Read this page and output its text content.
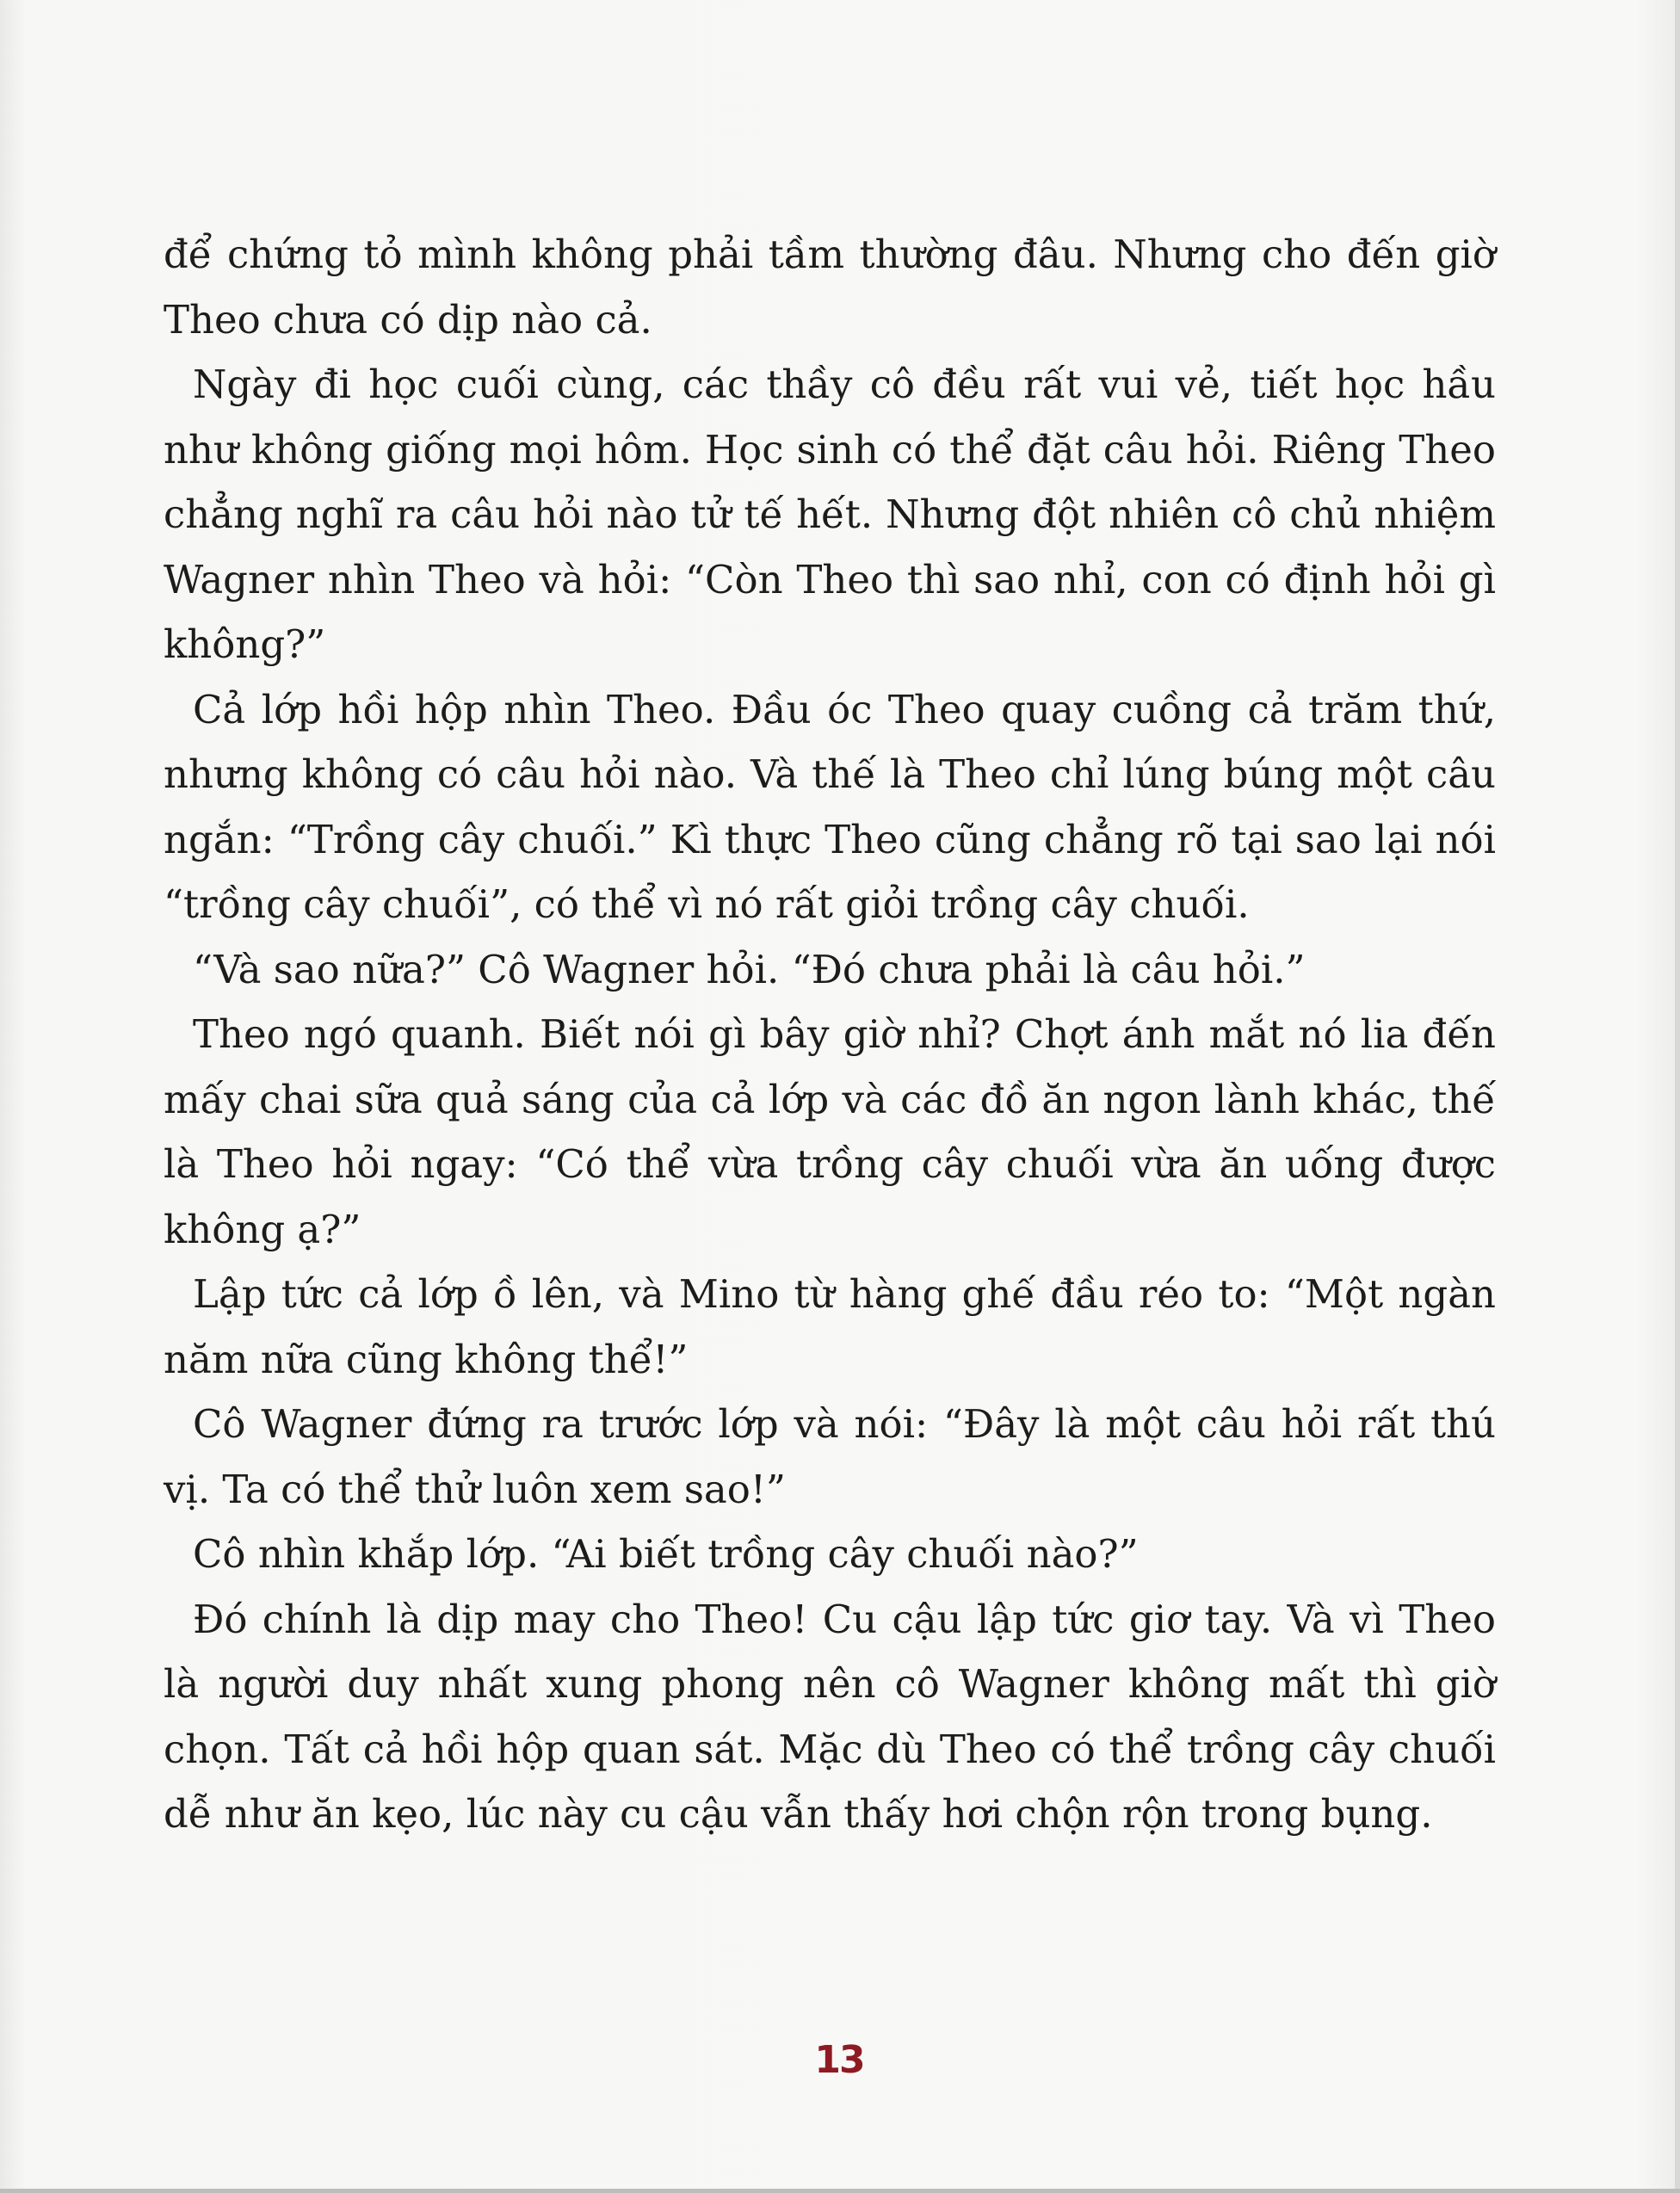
để chứng tỏ mình không phải tầm thường đâu. Nhưng cho đến giờ Theo chưa có dịp nào cả.

Ngày đi học cuối cùng, các thầy cô đều rất vui vẻ, tiết học hầu như không giống mọi hôm. Học sinh có thể đặt câu hỏi. Riêng Theo chẳng nghĩ ra câu hỏi nào tử tế hết. Nhưng đột nhiên cô chủ nhiệm Wagner nhìn Theo và hỏi: “Còn Theo thì sao nhỉ, con có định hỏi gì không?”

Cả lớp hồi hộp nhìn Theo. Đầu óc Theo quay cuồng cả trăm thứ, nhưng không có câu hỏi nào. Và thế là Theo chỉ lúng búng một câu ngắn: “Trồng cây chuối.” Kì thực Theo cũng chẳng rõ tại sao lại nói “trồng cây chuối”, có thể vì nó rất giỏi trồng cây chuối.

“Và sao nữa?” Cô Wagner hỏi. “Đó chưa phải là câu hỏi.”

Theo ngó quanh. Biết nói gì bây giờ nhỉ? Chợt ánh mắt nó lia đến mấy chai sữa quả sáng của cả lớp và các đồ ăn ngon lành khác, thế là Theo hỏi ngay: “Có thể vừa trồng cây chuối vừa ăn uống được không ạ?”

Lập tức cả lớp ồ lên, và Mino từ hàng ghế đầu réo to: “Một ngàn năm nữa cũng không thể!”

Cô Wagner đứng ra trước lớp và nói: “Đây là một câu hỏi rất thú vị. Ta có thể thử luôn xem sao!”

Cô nhìn khắp lớp. “Ai biết trồng cây chuối nào?”

Đó chính là dịp may cho Theo! Cu cậu lập tức giơ tay. Và vì Theo là người duy nhất xung phong nên cô Wagner không mất thì giờ chọn. Tất cả hồi hộp quan sát. Mặc dù Theo có thể trồng cây chuối dễ như ăn kẹo, lúc này cu cậu vẫn thấy hơi chộn rộn trong bụng.

13
